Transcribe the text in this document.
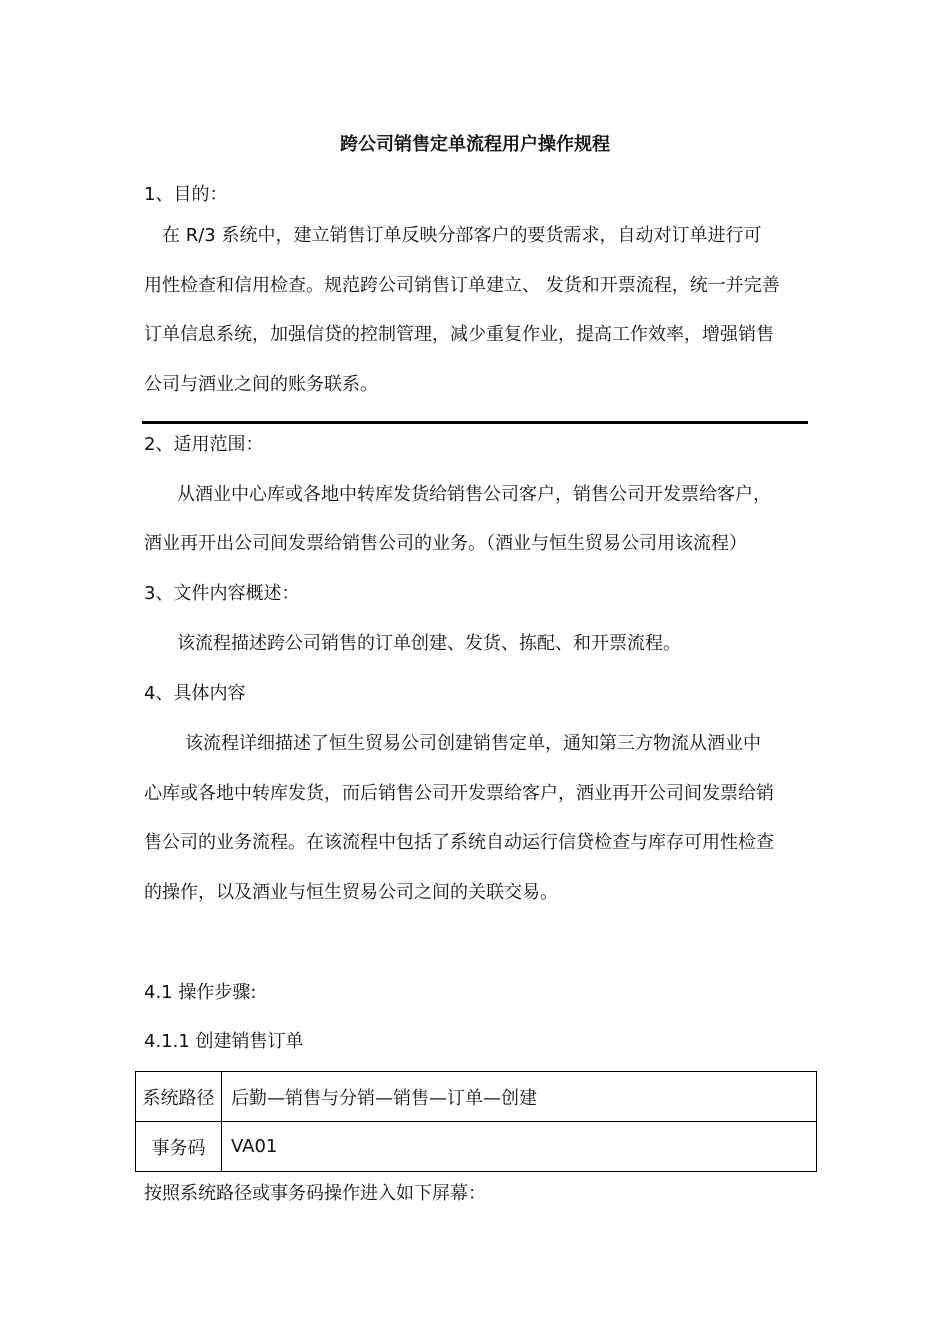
跨公司销售定单流程用户操作规程
1、目的：
在 R/3 系统中，建立销售订单反映分部客户的要货需求，自动对订单进行可
用性检查和信用检查。规范跨公司销售订单建立、 发货和开票流程，统一并完善
订单信息系统，加强信贷的控制管理，减少重复作业，提高工作效率，增强销售
公司与酒业之间的账务联系。
2、适用范围：
从酒业中心库或各地中转库发货给销售公司客户，销售公司开发票给客户，
酒业再开出公司间发票给销售公司的业务。（酒业与恒生贸易公司用该流程）
3、文件内容概述：
该流程描述跨公司销售的订单创建、发货、拣配、和开票流程。
4、具体内容
该流程详细描述了恒生贸易公司创建销售定单，通知第三方物流从酒业中
心库或各地中转库发货，而后销售公司开发票给客户，酒业再开公司间发票给销
售公司的业务流程。在该流程中包括了系统自动运行信贷检查与库存可用性检查
的操作，以及酒业与恒生贸易公司之间的关联交易。
4.1 操作步骤:
4.1.1 创建销售订单
系统路径	后勤—销售与分销—销售—订单—创建
事务码	VA01
按照系统路径或事务码操作进入如下屏幕：
